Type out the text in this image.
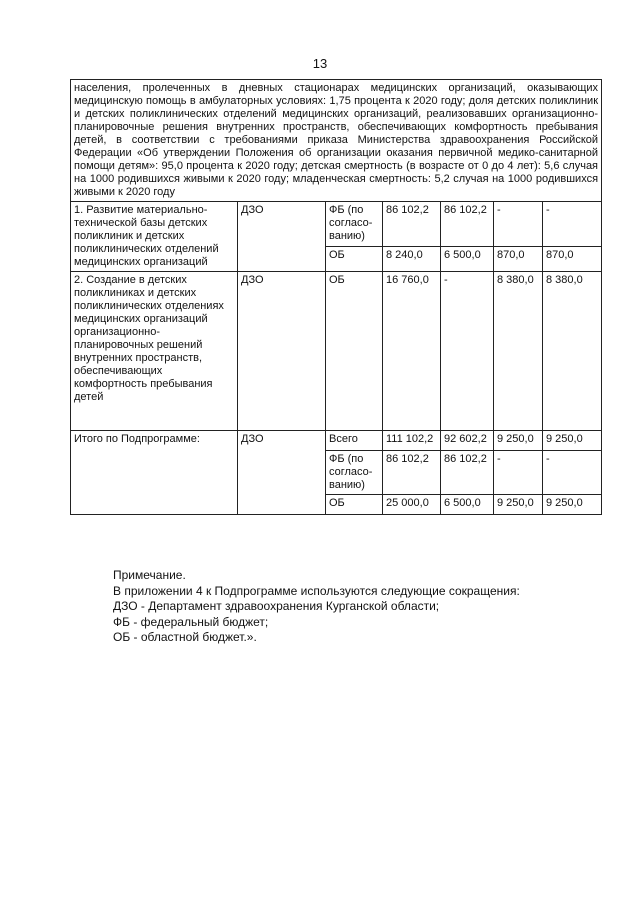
13
населения, пролеченных в дневных стационарах медицинских организаций, оказывающих медицинскую помощь в амбулаторных условиях: 1,75 процента к 2020 году; доля детских поликлиник и детских поликлинических отделений медицинских организаций, реализовавших организационно-планировочные решения внутренних пространств, обеспечивающих комфортность пребывания детей, в соответствии с требованиями приказа Министерства здравоохранения Российской Федерации «Об утверждении Положения об организации оказания первичной медико-санитарной помощи детям»: 95,0 процента к 2020 году; детская смертность (в возрасте от 0 до 4 лет): 5,6 случая на 1000 родившихся живыми к 2020 году; младенческая смертность: 5,2 случая на 1000 родившихся живыми к 2020 году						
1. Развитие материально-технической базы детских поликлиник и детских поликлинических отделений медицинских организаций	ДЗО	ФБ (по согласо-ванию)	86 102,2	86 102,2	-	-
		ОБ	8 240,0	6 500,0	870,0	870,0
2. Создание в детских поликлиниках и детских поликлинических отделениях медицинских организаций организационно-планировочных решений внутренних пространств, обеспечивающих комфортность пребывания детей	ДЗО	ОБ	16 760,0	-	8 380,0	8 380,0
Итого по Подпрограмме:	ДЗО	Всего	111 102,2	92 602,2	9 250,0	9 250,0
		ФБ (по согласо-ванию)	86 102,2	86 102,2	-	-
		ОБ	25 000,0	6 500,0	9 250,0	9 250,0
Примечание.
В приложении 4 к Подпрограмме используются следующие сокращения:
ДЗО - Департамент здравоохранения Курганской области;
ФБ - федеральный бюджет;
ОБ - областной бюджет.».
